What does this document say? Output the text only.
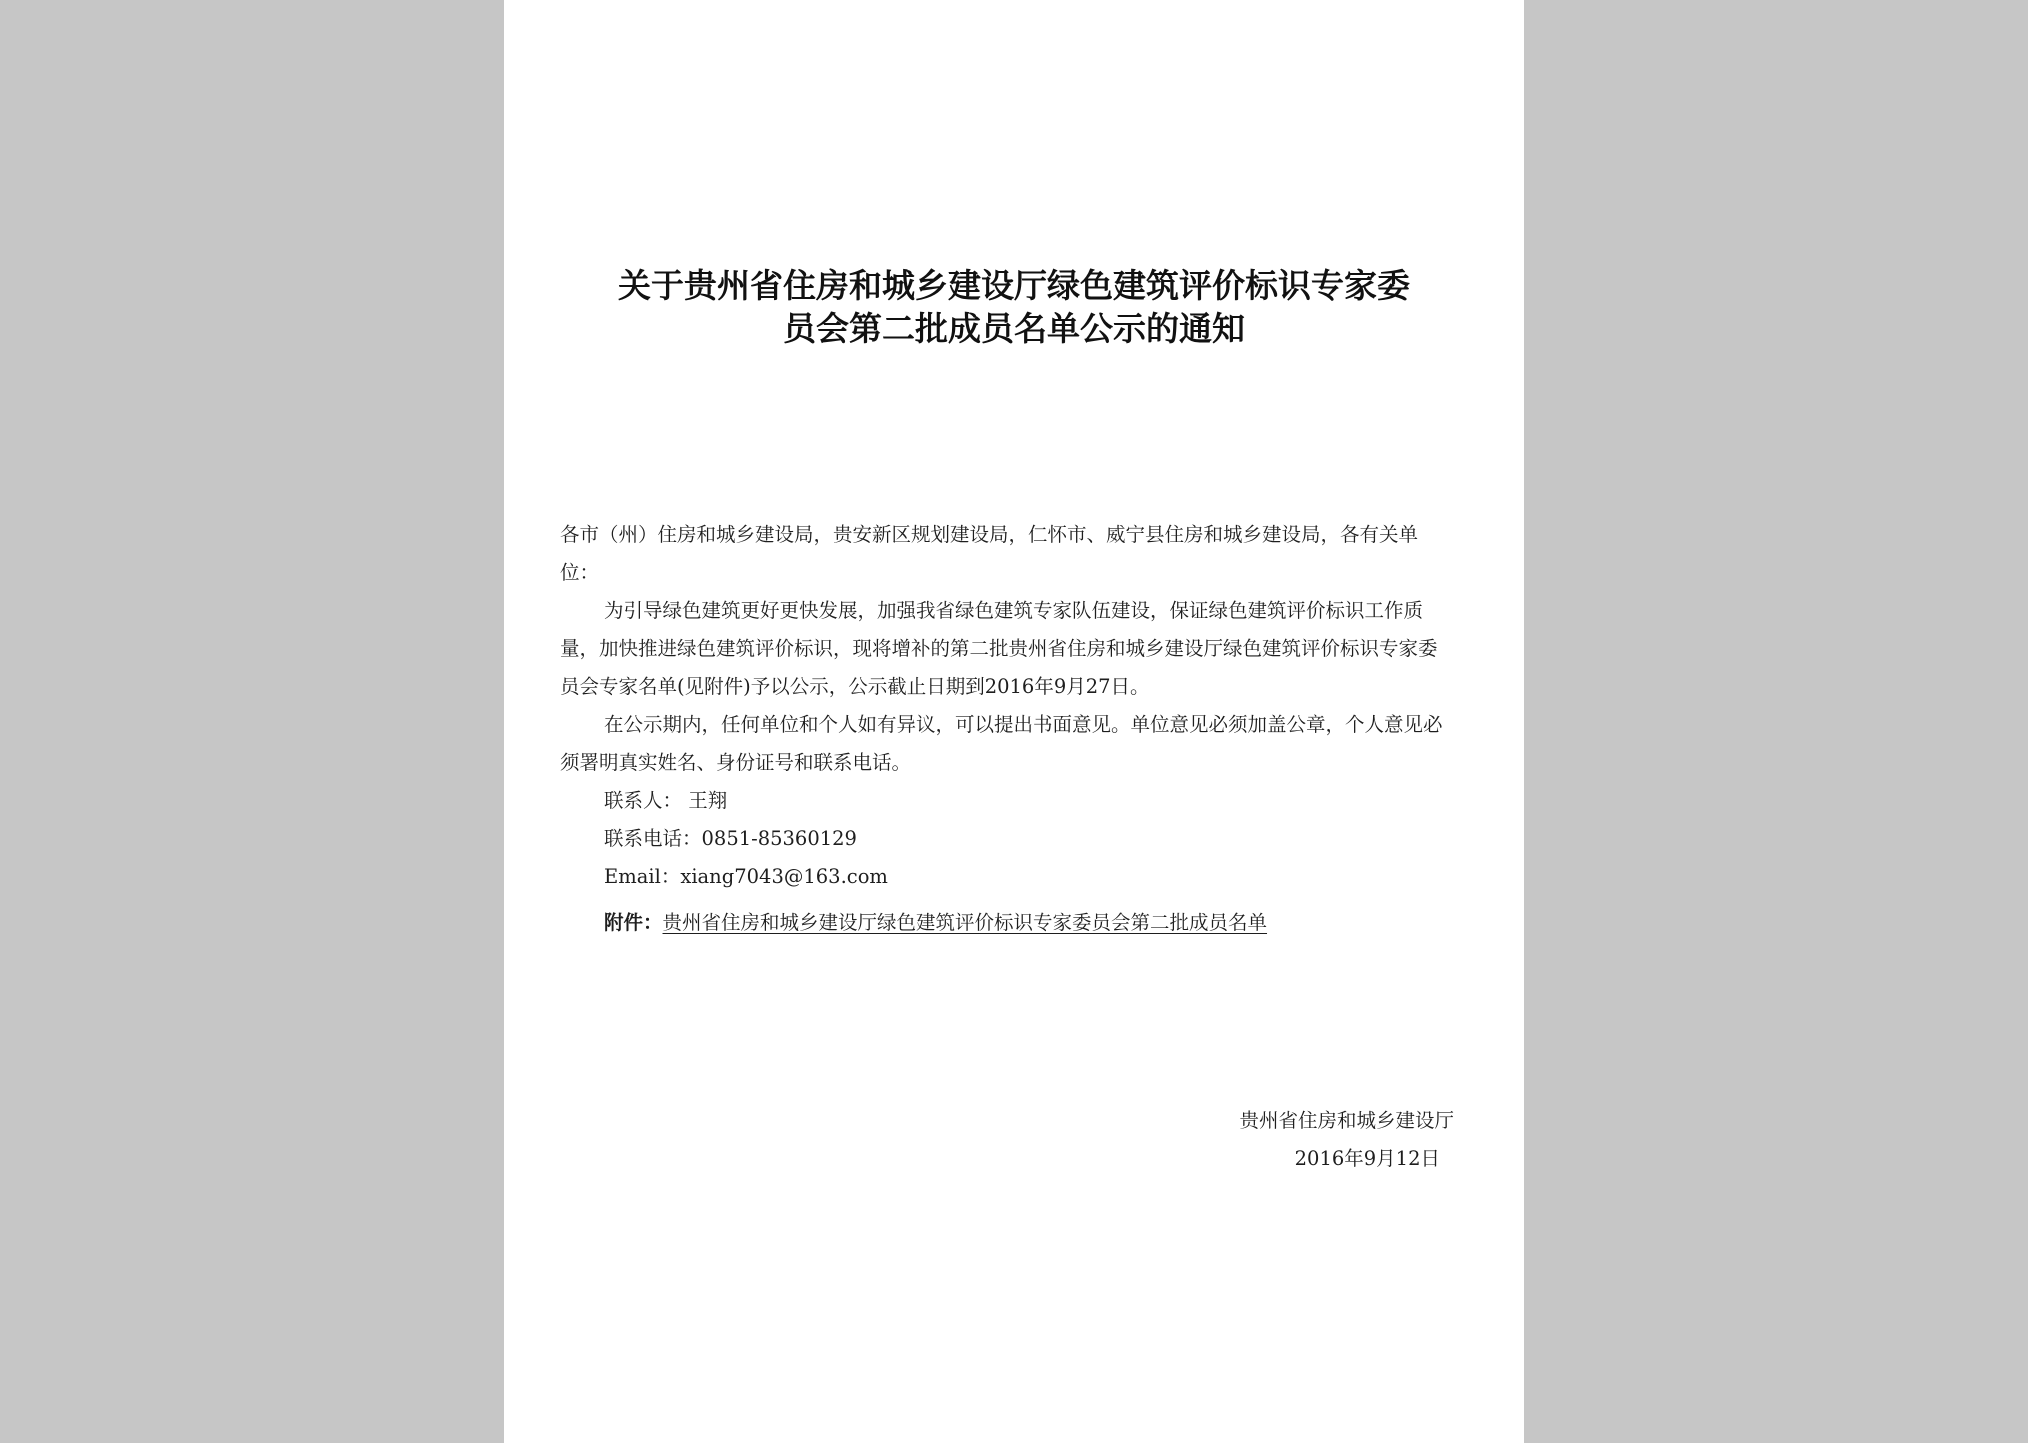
关于贵州省住房和城乡建设厅绿色建筑评价标识专家委
员会第二批成员名单公示的通知

各市（州）住房和城乡建设局，贵安新区规划建设局，仁怀市、威宁县住房和城乡建设局，各有关单位：

为引导绿色建筑更好更快发展，加强我省绿色建筑专家队伍建设，保证绿色建筑评价标识工作质量，加快推进绿色建筑评价标识，现将增补的第二批贵州省住房和城乡建设厅绿色建筑评价标识专家委员会专家名单(见附件)予以公示，公示截止日期到2016年9月27日。

在公示期内，任何单位和个人如有异议，可以提出书面意见。单位意见必须加盖公章，个人意见必须署明真实姓名、身份证号和联系电话。

联系人： 王翔

联系电话：0851-85360129

Email：xiang7043@163.com

附件：贵州省住房和城乡建设厅绿色建筑评价标识专家委员会第二批成员名单

贵州省住房和城乡建设厅
2016年9月12日
